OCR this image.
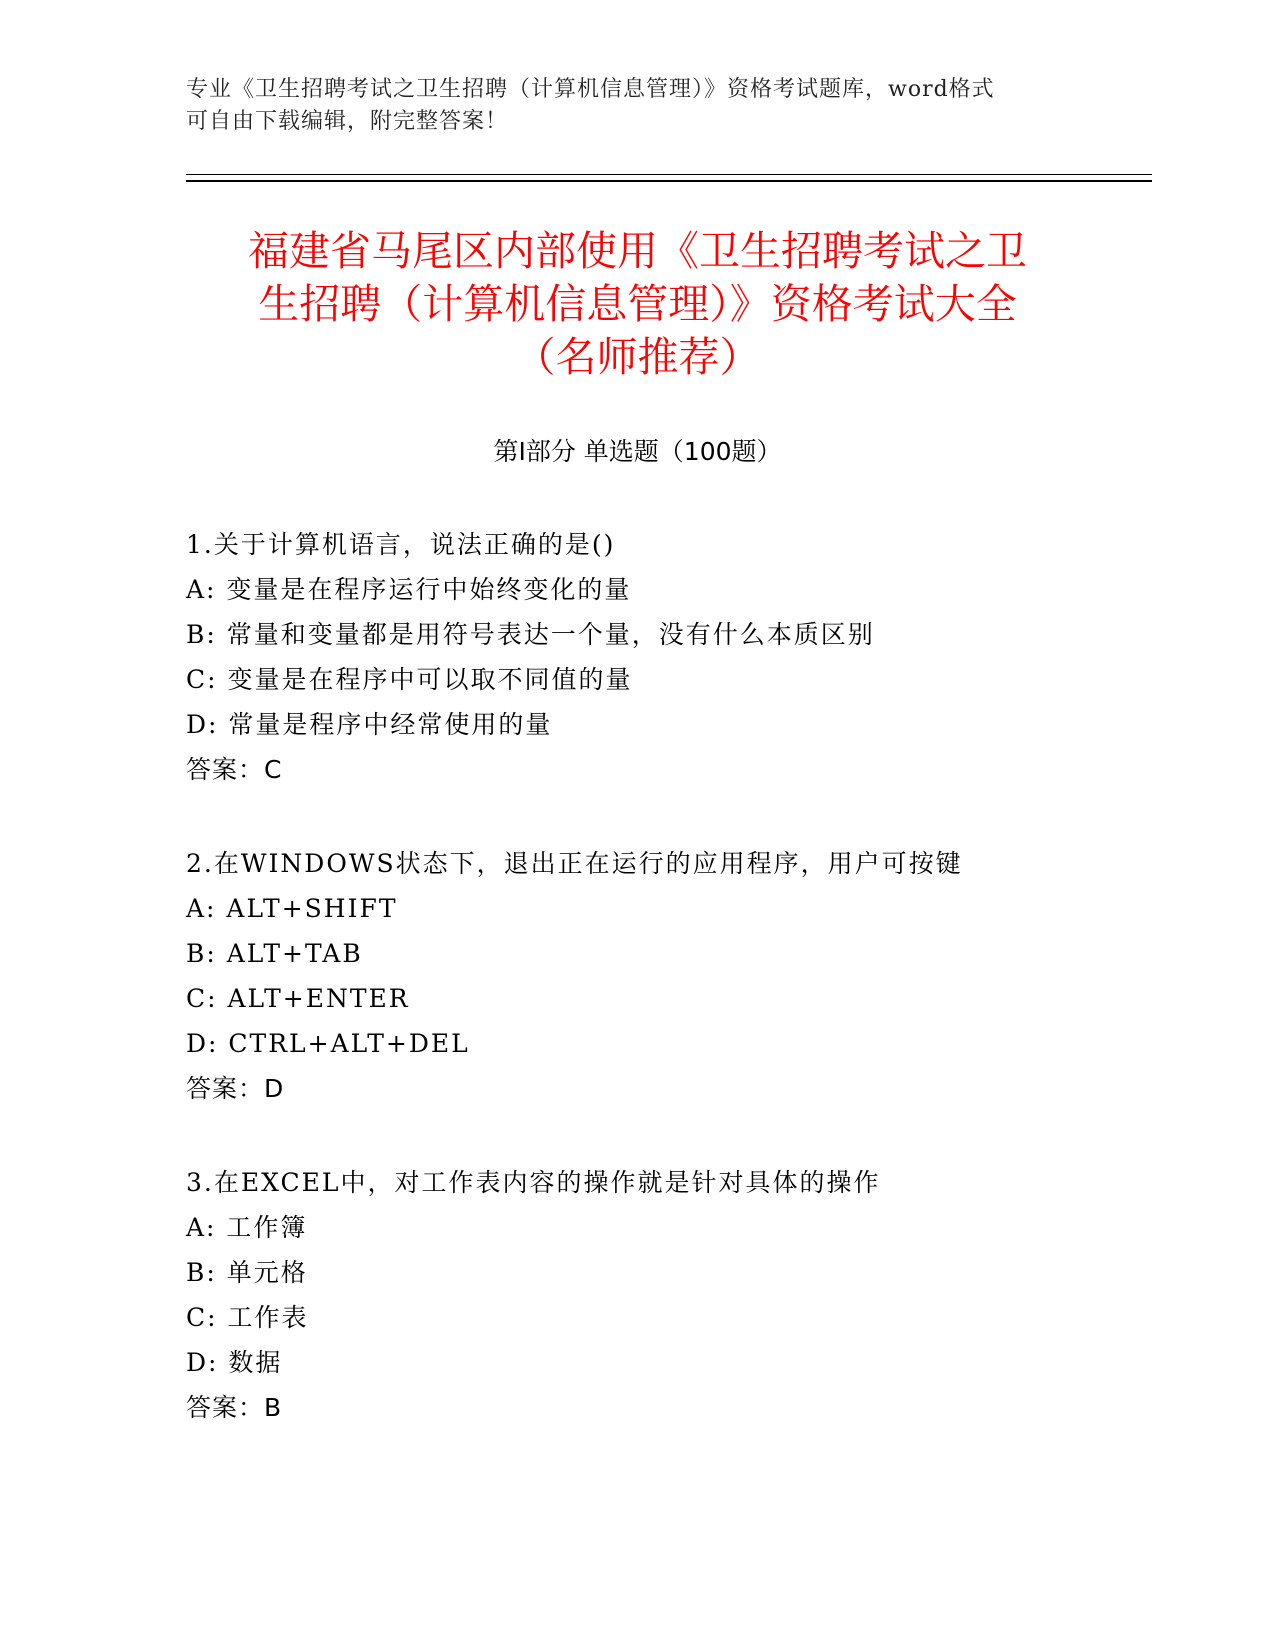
专业《卫生招聘考试之卫生招聘（计算机信息管理）》资格考试题库，word格式
可自由下载编辑，附完整答案！
福建省马尾区内部使用《卫生招聘考试之卫
生招聘（计算机信息管理）》资格考试大全
（名师推荐）
第I部分 单选题（100题）
1.关于计算机语言，说法正确的是()
A: 变量是在程序运行中始终变化的量
B: 常量和变量都是用符号表达一个量，没有什么本质区别
C: 变量是在程序中可以取不同值的量
D: 常量是程序中经常使用的量
答案：C
2.在WINDOWS状态下，退出正在运行的应用程序，用户可按键
A: ALT+SHIFT
B: ALT+TAB
C: ALT+ENTER
D: CTRL+ALT+DEL
答案：D
3.在EXCEL中，对工作表内容的操作就是针对具体的操作
A: 工作簿
B: 单元格
C: 工作表
D: 数据
答案：B
